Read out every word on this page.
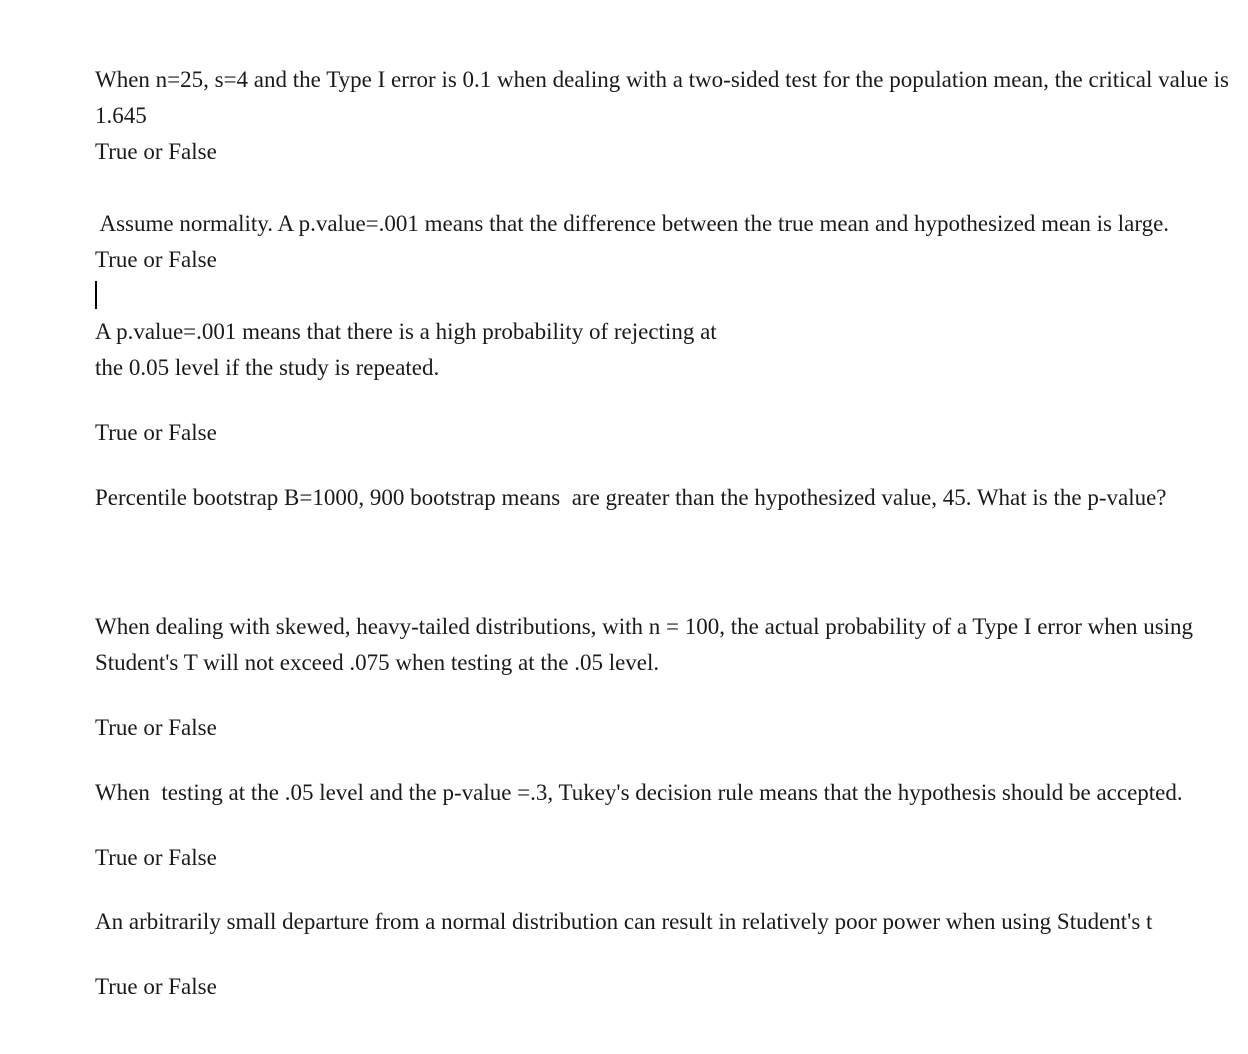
When n=25, s=4 and the Type I error is 0.1 when dealing with a two-sided test for the population mean, the critical value is
1.645
True or False
Assume normality. A p.value=.001 means that the difference between the true mean and hypothesized mean is large.
True or False
A p.value=.001 means that there is a high probability of rejecting at
the 0.05 level if the study is repeated.
True or False
Percentile bootstrap B=1000, 900 bootstrap means  are greater than the hypothesized value, 45. What is the p-value?
When dealing with skewed, heavy-tailed distributions, with n = 100, the actual probability of a Type I error when using
Student's T will not exceed .075 when testing at the .05 level.
True or False
When  testing at the .05 level and the p-value =.3, Tukey's decision rule means that the hypothesis should be accepted.
True or False
An arbitrarily small departure from a normal distribution can result in relatively poor power when using Student's t
True or False
